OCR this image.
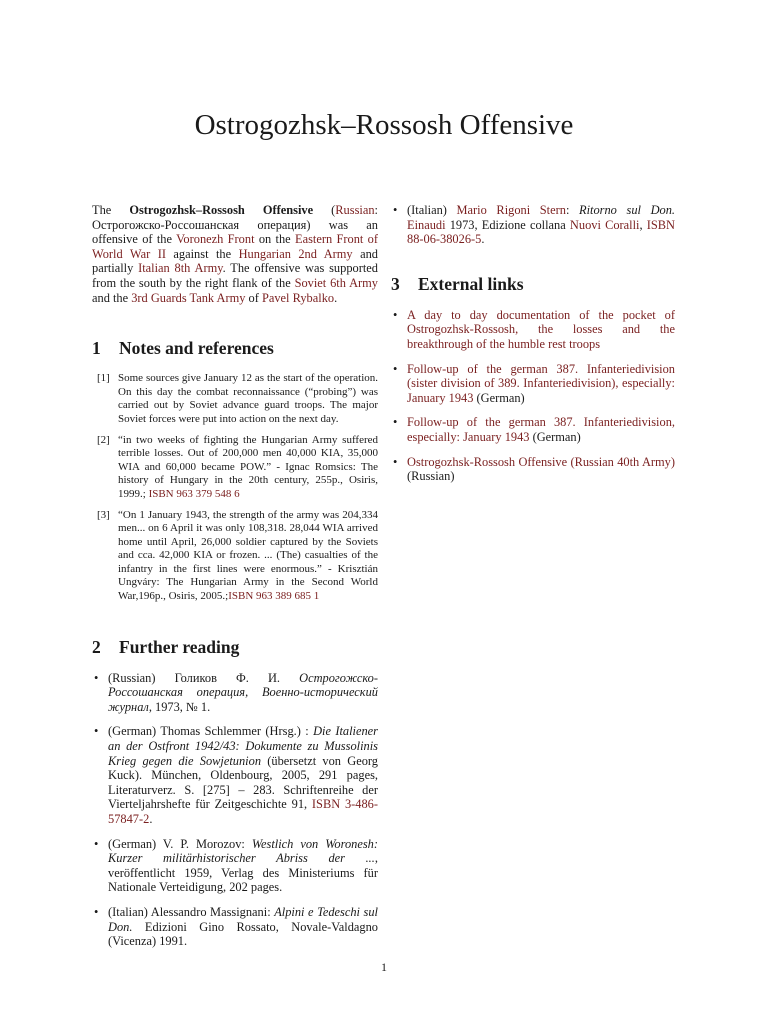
Ostrogozhsk–Rossosh Offensive

The Ostrogozhsk–Rossosh Offensive (Russian: Острогожско-Россошанская операция) was an offensive of the Voronezh Front on the Eastern Front of World War II against the Hungarian 2nd Army and partially Italian 8th Army. The offensive was supported from the south by the right flank of the Soviet 6th Army and the 3rd Guards Tank Army of Pavel Rybalko.

1 Notes and references
[1] Some sources give January 12 as the start of the operation. On this day the combat reconnaissance (“probing”) was carried out by Soviet advance guard troops. The major Soviet forces were put into action on the next day.
[2] “in two weeks of fighting the Hungarian Army suffered terrible losses. Out of 200,000 men 40,000 KIA, 35,000 WIA and 60,000 became POW.” - Ignac Romsics: The history of Hungary in the 20th century, 255p., Osiris, 1999.; ISBN 963 379 548 6
[3] “On 1 January 1943, the strength of the army was 204,334 men... on 6 April it was only 108,318. 28,044 WIA arrived home until April, 26,000 soldier captured by the Soviets and cca. 42,000 KIA or frozen. ... (The) casualties of the infantry in the first lines were enormous.” - Krisztián Ungváry: The Hungarian Army in the Second World War,196p., Osiris, 2005.;ISBN 963 389 685 1
2 Further reading
• (Russian) Голиков Ф. И. Острогожско-Россошанская операция, Военно-исторический журнал, 1973, № 1.
• (German) Thomas Schlemmer (Hrsg.) : Die Italiener an der Ostfront 1942/43: Dokumente zu Mussolinis Krieg gegen die Sowjetunion (übersetzt von Georg Kuck). München, Oldenbourg, 2005, 291 pages, Literaturverz. S. [275] – 283. Schriftenreihe der Vierteljahrshefte für Zeitgeschichte 91, ISBN 3-486-57847-2.
• (German) V. P. Morozov: Westlich von Woronesh: Kurzer militärhistorischer Abriss der ..., veröffentlicht 1959, Verlag des Ministeriums für Nationale Verteidigung, 202 pages.
• (Italian) Alessandro Massignani: Alpini e Tedeschi sul Don. Edizioni Gino Rossato, Novale-Valdagno (Vicenza) 1991.
• (Italian) Mario Rigoni Stern: Ritorno sul Don. Einaudi 1973, Edizione collana Nuovi Coralli, ISBN 88-06-38026-5.
3 External links
• A day to day documentation of the pocket of Ostrogozhsk-Rossosh, the losses and the breakthrough of the humble rest troops
• Follow-up of the german 387. Infanteriedivision (sister division of 389. Infanteriedivision), especially: January 1943 (German)
• Follow-up of the german 387. Infanteriedivision, especially: January 1943 (German)
• Ostrogozhsk-Rossosh Offensive (Russian 40th Army) (Russian)
1
